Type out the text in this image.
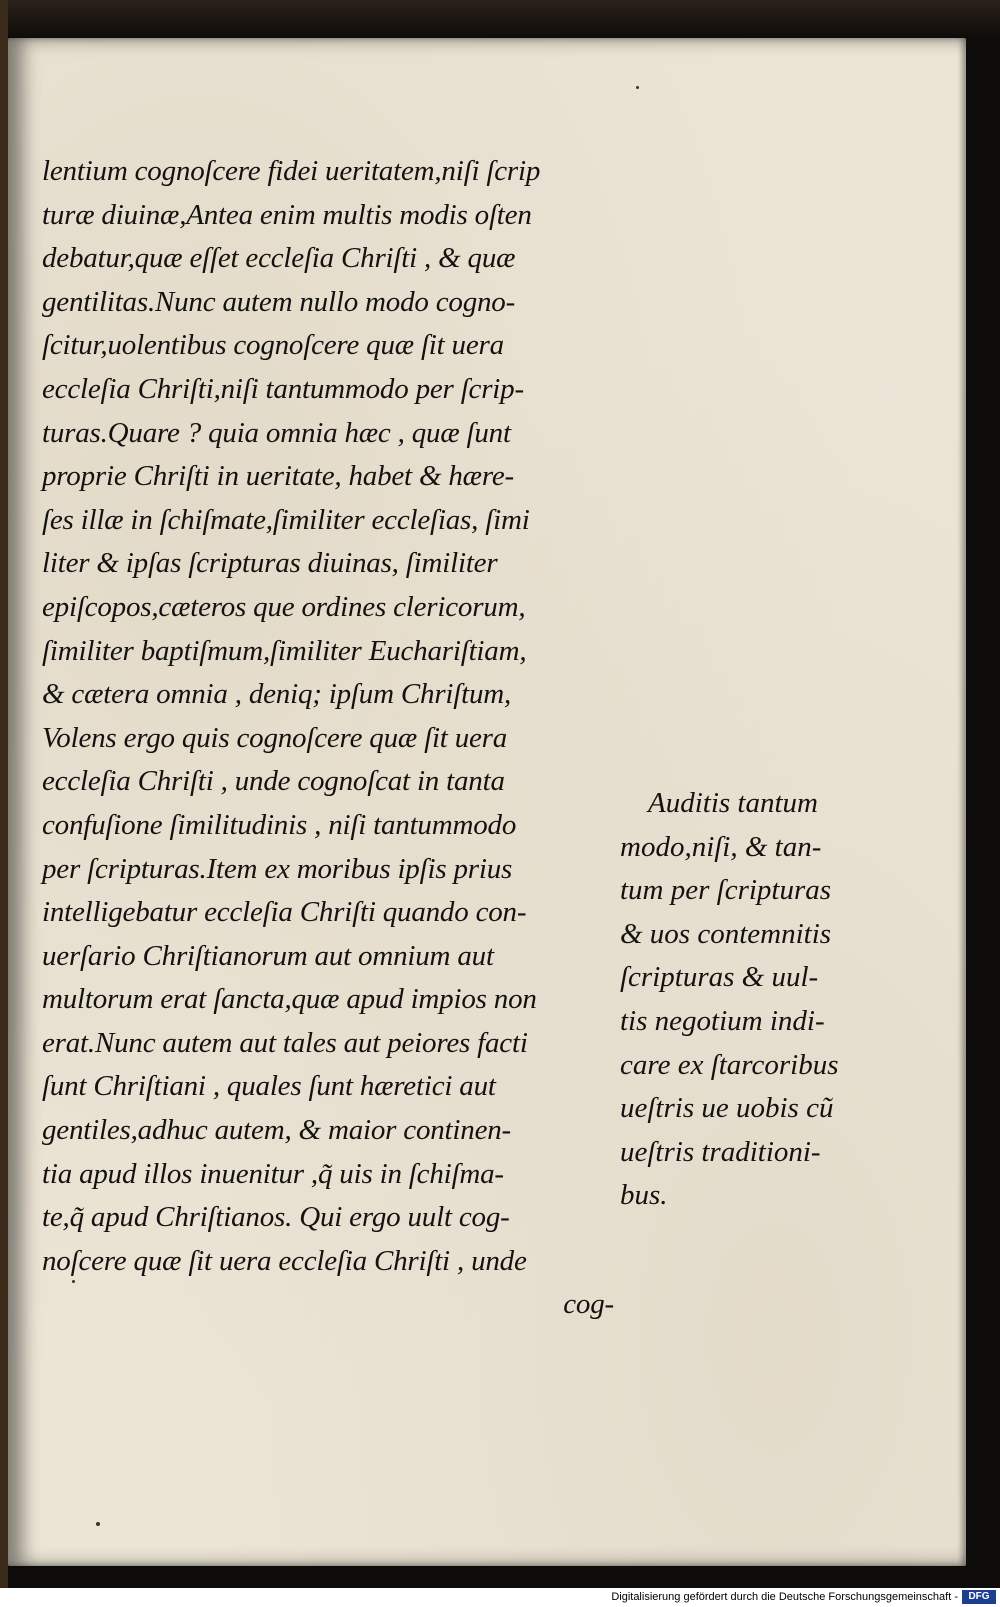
lentium cognoſcere fidei ueritatem,niſi ſcrip
turæ diuinæ,Antea enim multis modis oſten
debatur,quæ eſſet eccleſia Chriſti , & quæ
gentilitas.Nunc autem nullo modo cogno-
ſcitur,uolentibus cognoſcere quæ ſit uera
eccleſia Chriſti,niſi tantummodo per ſcrip-
turas.Quare ? quia omnia hæc , quæ ſunt
proprie Chriſti in ueritate, habet & hære-
ſes illæ in ſchiſmate,ſimiliter eccleſias, ſimi
liter & ipſas ſcripturas diuinas, ſimiliter
epiſcopos,cæteros que ordines clericorum,
ſimiliter baptiſmum,ſimiliter Euchariſtiam,
& cætera omnia , deniq; ipſum Chriſtum,
Volens ergo quis cognoſcere quæ ſit uera
eccleſia Chriſti , unde cognoſcat in tanta
confuſione ſimilitudinis , niſi tantummodo
per ſcripturas.Item ex moribus ipſis prius
intelligebatur eccleſia Chriſti quando con-
uerſario Chriſtianorum aut omnium aut
multorum erat ſancta,quæ apud impios non
erat.Nunc autem aut tales aut peiores facti
ſunt Chriſtiani , quales ſunt hæretici aut
gentiles,adhuc autem, & maior continen-
tia apud illos inuenitur ,q̃ uis in ſchiſma-
te,q̃ apud Chriſtianos. Qui ergo uult cog-
noſcere quæ ſit uera eccleſia Chriſti , unde
cog-
Auditis tantum
modo,niſi, & tan-
tum per ſcripturas
& uos contemnitis
ſcripturas & uul-
tis negotium indi-
care ex ſtarcoribus
ueſtris ue uobis cũ
ueſtris traditioni-
bus.
Digitalisierung gefördert durch die Deutsche Forschungsgemeinschaft -	DFG
